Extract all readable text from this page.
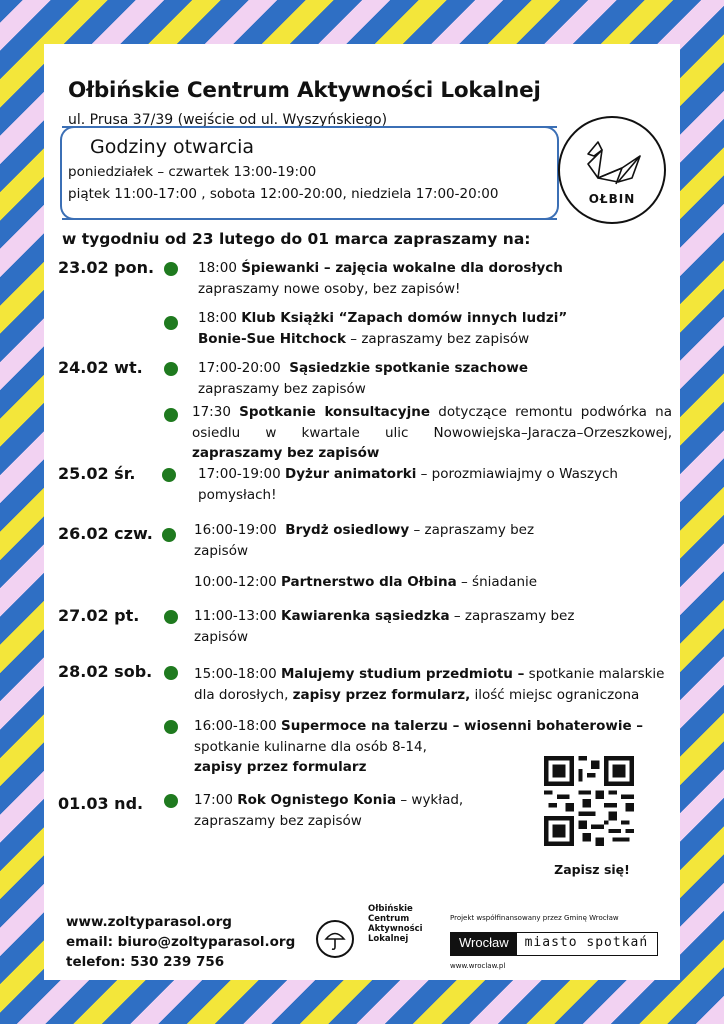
Ołbińskie Centrum Aktywności Lokalnej
ul. Prusa 37/39 (wejście od ul. Wyszyńskiego)
Godziny otwarcia
poniedziałek – czwartek 13:00-19:00
piątek 11:00-17:00 , sobota 12:00-20:00, niedziela 17:00-20:00	OŁBIN
w tygodniu od 23 lutego do 01 marca zapraszamy na:
23.02 pon.
24.02 wt.
25.02 śr.
26.02 czw.
27.02 pt.
28.02 sob.
01.03 nd.
18:00 Śpiewanki – zajęcia wokalne dla dorosłych
zapraszamy nowe osoby, bez zapisów!
18:00 Klub Książki “Zapach domów innych ludzi”
Bonie-Sue Hitchock – zapraszamy bez zapisów
17:00-20:00 Sąsiedzkie spotkanie szachowe
zapraszamy bez zapisów
17:30 Spotkanie konsultacyjne dotyczące remontu podwórka na osiedlu w kwartale ulic Nowowiejska–Jaracza–Orzeszkowej, zapraszamy bez zapisów
17:00-19:00 Dyżur animatorki – porozmiawiajmy o Waszych pomysłach!
16:00-19:00 Brydż osiedlowy – zapraszamy bez zapisów
10:00-12:00 Partnerstwo dla Ołbina – śniadanie
11:00-13:00 Kawiarenka sąsiedzka – zapraszamy bez zapisów
15:00-18:00 Malujemy studium przedmiotu – spotkanie malarskie dla dorosłych, zapisy przez formularz, ilość miejsc ograniczona
16:00-18:00 Supermoce na talerzu – wiosenni bohaterowie –
spotkanie kulinarne dla osób 8-14,
zapisy przez formularz
17:00 Rok Ognistego Konia – wykład, zapraszamy bez zapisów
Zapisz się!
www.zoltyparasol.org
email: biuro@zoltyparasol.org
telefon: 530 239 756
Ołbińskie Centrum Aktywności Lokalnej
Projekt współfinansowany przez Gminę Wrocław
Wrocław	miasto spotkań
www.wroclaw.pl
